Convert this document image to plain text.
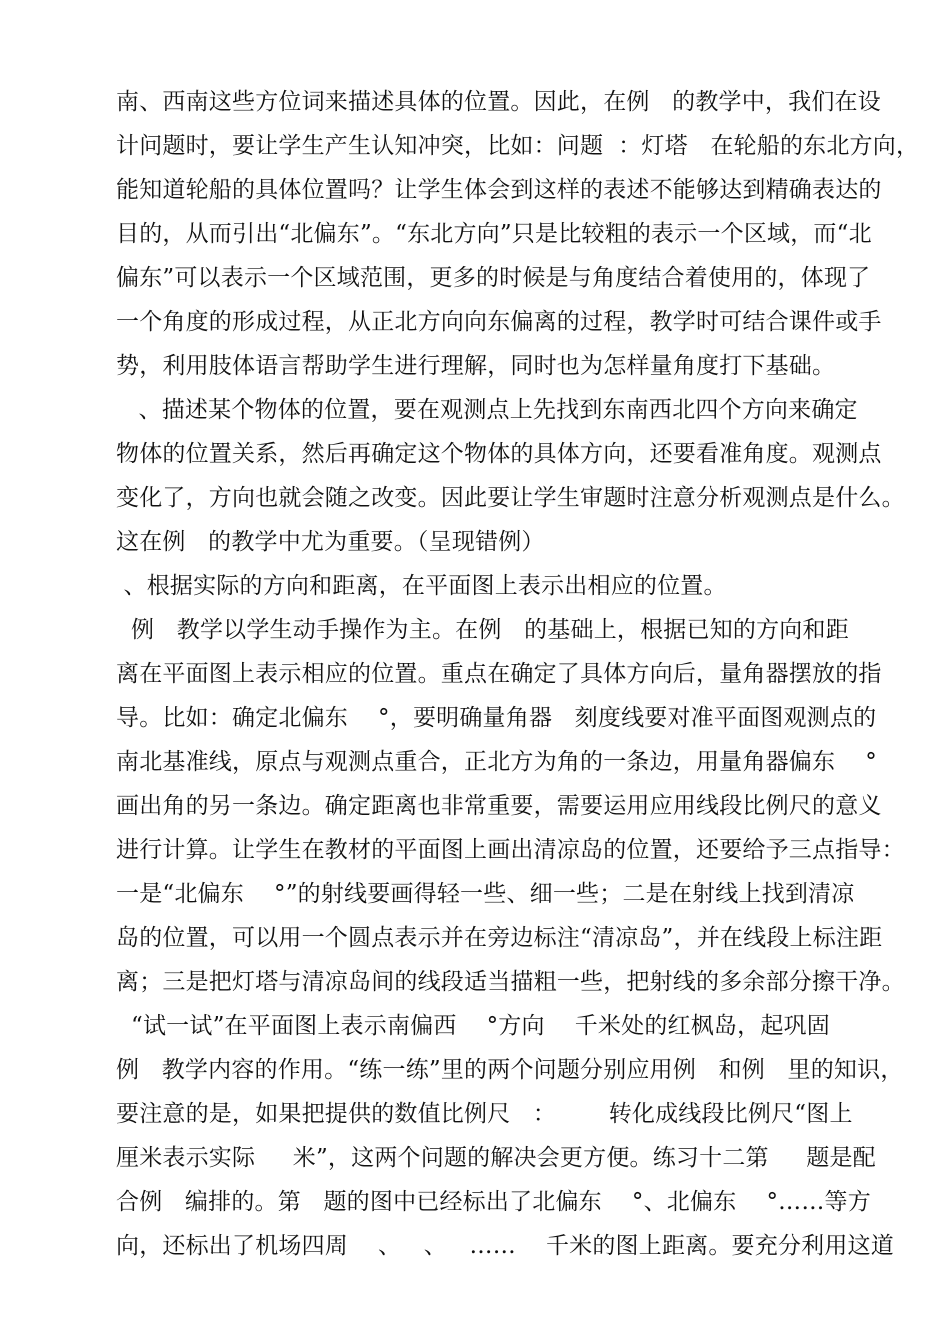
南、西南这些方位词来描述具体的位置。因此，在例   的教学中，我们在设
计问题时，要让学生产生认知冲突，比如：问题  ：灯塔   在轮船的东北方向，
能知道轮船的具体位置吗？让学生体会到这样的表述不能够达到精确表达的
目的，从而引出“北偏东”。“东北方向”只是比较粗的表示一个区域，而“北
偏东”可以表示一个区域范围，更多的时候是与角度结合着使用的，体现了
一个角度的形成过程，从正北方向向东偏离的过程，教学时可结合课件或手
势，利用肢体语言帮助学生进行理解，同时也为怎样量角度打下基础。
、描述某个物体的位置，要在观测点上先找到东南西北四个方向来确定
物体的位置关系，然后再确定这个物体的具体方向，还要看准角度。观测点
变化了，方向也就会随之改变。因此要让学生审题时注意分析观测点是什么。
这在例   的教学中尤为重要。（呈现错例）
、根据实际的方向和距离，在平面图上表示出相应的位置。
例   教学以学生动手操作为主。在例   的基础上，根据已知的方向和距
离在平面图上表示相应的位置。重点在确定了具体方向后，量角器摆放的指
导。比如：确定北偏东    °，要明确量角器   刻度线要对准平面图观测点的
南北基准线，原点与观测点重合，正北方为角的一条边，用量角器偏东    °
画出角的另一条边。确定距离也非常重要，需要运用应用线段比例尺的意义
进行计算。让学生在教材的平面图上画出清凉岛的位置，还要给予三点指导：
一是“北偏东    °”的射线要画得轻一些、细一些；二是在射线上找到清凉
岛的位置，可以用一个圆点表示并在旁边标注“清凉岛”，并在线段上标注距
离；三是把灯塔与清凉岛间的线段适当描粗一些，把射线的多余部分擦干净。
“试一试”在平面图上表示南偏西    °方向    千米处的红枫岛，起巩固
例   教学内容的作用。“练一练”里的两个问题分别应用例   和例   里的知识，
要注意的是，如果把提供的数值比例尺   ：       转化成线段比例尺“图上
厘米表示实际     米”，这两个问题的解决会更方便。练习十二第     题是配
合例   编排的。第   题的图中已经标出了北偏东    °、北偏东    °……等方
向，还标出了机场四周    、   、   ……    千米的图上距离。要充分利用这道
